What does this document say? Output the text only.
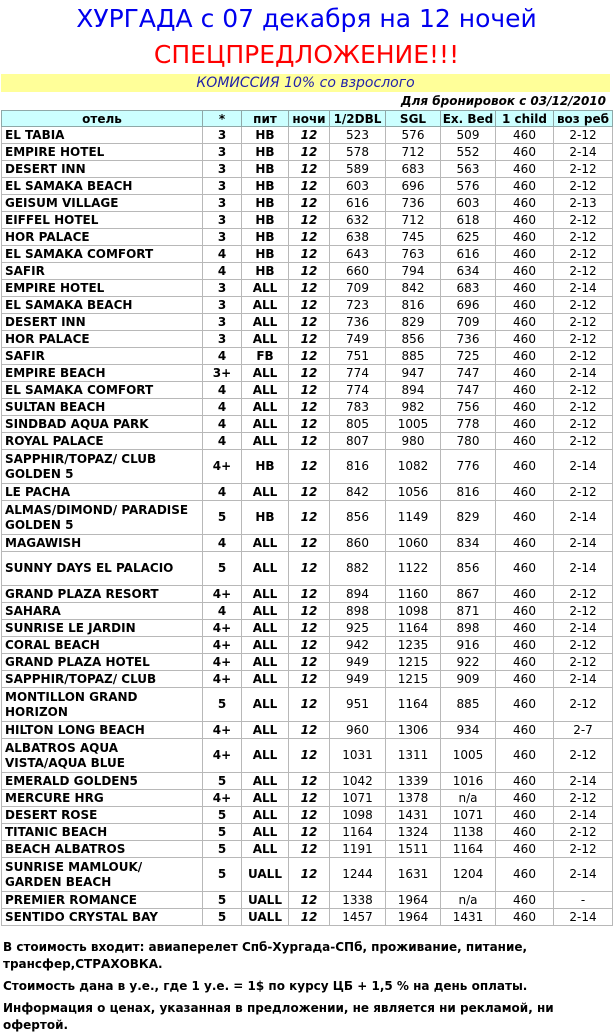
ХУРГАДА с 07 декабря на 12 ночей
СПЕЦПРЕДЛОЖЕНИЕ!!!
КОМИССИЯ 10% со взрослого
Для бронировок с 03/12/2010
отель	*	пит	ночи	1/2DBL	SGL	Ex. Bed	1 child	воз реб
EL TABIA	3	HB	12	523	576	509	460	2-12
EMPIRE HOTEL	3	HB	12	578	712	552	460	2-14
DESERT INN	3	HB	12	589	683	563	460	2-12
EL SAMAKA BEACH	3	HB	12	603	696	576	460	2-12
GEISUM VILLAGE	3	HB	12	616	736	603	460	2-13
EIFFEL HOTEL	3	HB	12	632	712	618	460	2-12
HOR PALACE	3	HB	12	638	745	625	460	2-12
EL SAMAKA COMFORT	4	HB	12	643	763	616	460	2-12
SAFIR	4	HB	12	660	794	634	460	2-12
EMPIRE HOTEL	3	ALL	12	709	842	683	460	2-14
EL SAMAKA BEACH	3	ALL	12	723	816	696	460	2-12
DESERT INN	3	ALL	12	736	829	709	460	2-12
HOR PALACE	3	ALL	12	749	856	736	460	2-12
SAFIR	4	FB	12	751	885	725	460	2-12
EMPIRE BEACH	3+	ALL	12	774	947	747	460	2-14
EL SAMAKA COMFORT	4	ALL	12	774	894	747	460	2-12
SULTAN BEACH	4	ALL	12	783	982	756	460	2-12
SINDBAD AQUA PARK	4	ALL	12	805	1005	778	460	2-12
ROYAL PALACE	4	ALL	12	807	980	780	460	2-12
SAPPHIR/TOPAZ/ CLUB GOLDEN 5	4+	HB	12	816	1082	776	460	2-14
LE PACHA	4	ALL	12	842	1056	816	460	2-12
ALMAS/DIMOND/ PARADISE GOLDEN 5	5	HB	12	856	1149	829	460	2-14
MAGAWISH	4	ALL	12	860	1060	834	460	2-14
SUNNY DAYS EL PALACIO	5	ALL	12	882	1122	856	460	2-14
GRAND PLAZA RESORT	4+	ALL	12	894	1160	867	460	2-12
SAHARA	4	ALL	12	898	1098	871	460	2-12
SUNRISE LE JARDIN	4+	ALL	12	925	1164	898	460	2-14
CORAL BEACH	4+	ALL	12	942	1235	916	460	2-12
GRAND PLAZA HOTEL	4+	ALL	12	949	1215	922	460	2-12
SAPPHIR/TOPAZ/ CLUB	4+	ALL	12	949	1215	909	460	2-14
MONTILLON GRAND HORIZON	5	ALL	12	951	1164	885	460	2-12
HILTON LONG BEACH	4+	ALL	12	960	1306	934	460	2-7
ALBATROS AQUA VISTA/AQUA BLUE	4+	ALL	12	1031	1311	1005	460	2-12
EMERALD GOLDEN5	5	ALL	12	1042	1339	1016	460	2-14
MERCURE HRG	4+	ALL	12	1071	1378	n/a	460	2-12
DESERT ROSE	5	ALL	12	1098	1431	1071	460	2-14
TITANIC BEACH	5	ALL	12	1164	1324	1138	460	2-12
BEACH ALBATROS	5	ALL	12	1191	1511	1164	460	2-12
SUNRISE MAMLOUK/ GARDEN BEACH	5	UALL	12	1244	1631	1204	460	2-14
PREMIER ROMANCE	5	UALL	12	1338	1964	n/a	460	-
SENTIDO CRYSTAL BAY	5	UALL	12	1457	1964	1431	460	2-14

В стоимость входит: авиаперелет Спб-Хургада-СПб, проживание, питание, трансфер,СТРАХОВКА.

Стоимость дана в у.е., где 1 у.е. = 1$ по курсу ЦБ + 1,5 % на день оплаты.

Информация о ценах, указанная в предложении, не является ни рекламой, ни офертой.
